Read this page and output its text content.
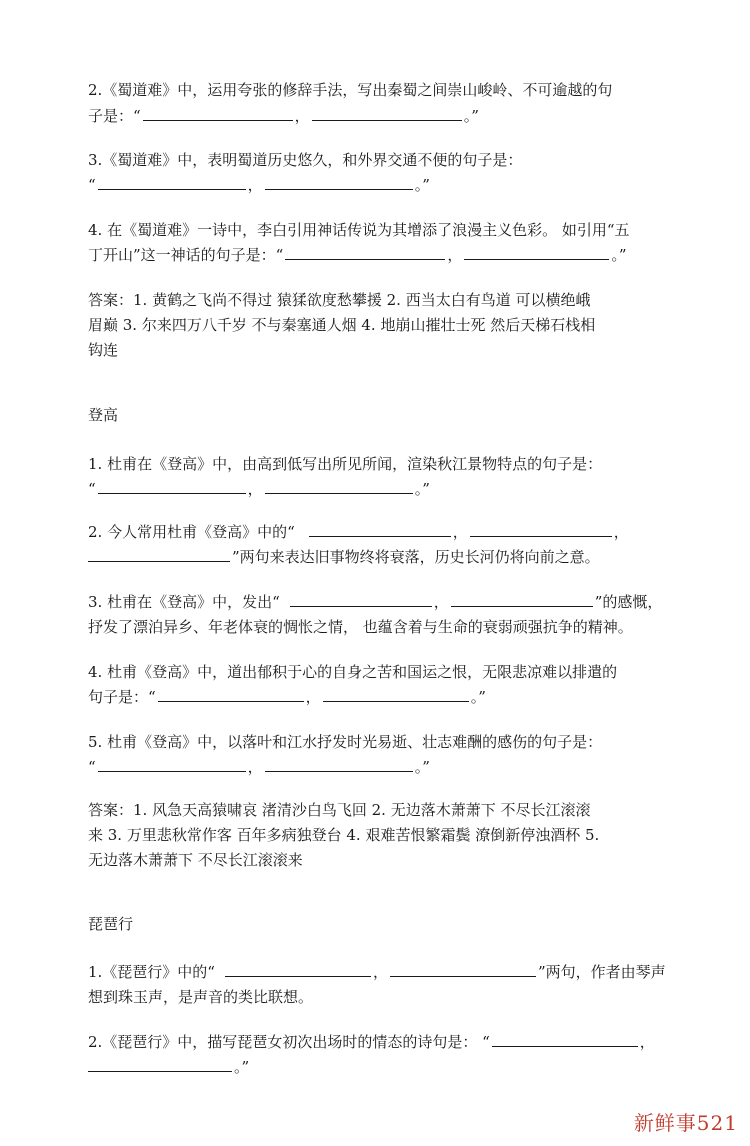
2.《蜀道难》中，运用夸张的修辞手法，写出秦蜀之间崇山峻岭、不可逾越的句
子是：“	，	。”
3.《蜀道难》中，表明蜀道历史悠久，和外界交通不便的句子是：
“	，	。”
4. 在《蜀道难》一诗中，李白引用神话传说为其增添了浪漫主义色彩。 如引用“五
丁开山”这一神话的句子是：“	，	。”
答案：1. 黄鹤之飞尚不得过 猿猱欲度愁攀援 2. 西当太白有鸟道 可以横绝峨
眉巅 3. 尔来四万八千岁 不与秦塞通人烟 4. 地崩山摧壮士死 然后天梯石栈相
钩连
登高
1. 杜甫在《登高》中，由高到低写出所见所闻，渲染秋江景物特点的句子是：
“	，	。”
2. 今人常用杜甫《登高》中的“	，	，
”两句来表达旧事物终将衰落，历史长河仍将向前之意。
3. 杜甫在《登高》中，发出“	，	”的感慨，
抒发了漂泊异乡、年老体衰的惆怅之情， 也蕴含着与生命的衰弱顽强抗争的精神。
4. 杜甫《登高》中，道出郁积于心的自身之苦和国运之恨，无限悲凉难以排遣的
句子是：“	，	。”
5. 杜甫《登高》中，以落叶和江水抒发时光易逝、壮志难酬的感伤的句子是：
“	，	。”
答案：1. 风急天高猿啸哀 渚清沙白鸟飞回 2. 无边落木萧萧下 不尽长江滚滚
来 3. 万里悲秋常作客 百年多病独登台 4. 艰难苦恨繁霜鬓 潦倒新停浊酒杯 5.
无边落木萧萧下 不尽长江滚滚来
琵琶行
1.《琵琶行》中的“	，	”两句，作者由琴声
想到珠玉声，是声音的类比联想。
2.《琵琶行》中，描写琵琶女初次出场时的情态的诗句是： “	，
。”
新鲜事521
